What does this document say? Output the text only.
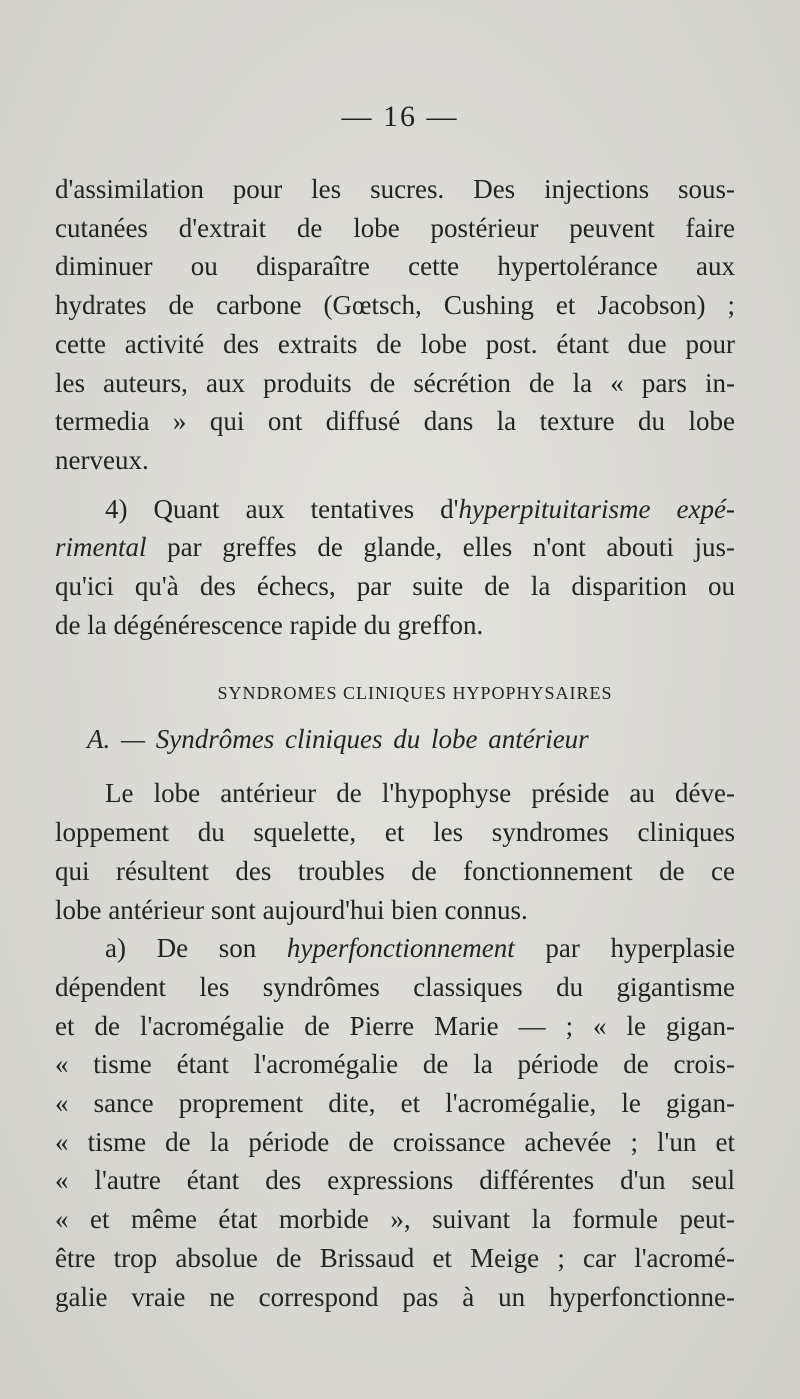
— 16 —
d'assimilation pour les sucres. Des injections sous-
cutanées d'extrait de lobe postérieur peuvent faire
diminuer ou disparaître cette hypertolérance aux
hydrates de carbone (Gœtsch, Cushing et Jacobson) ;
cette activité des extraits de lobe post. étant due pour
les auteurs, aux produits de sécrétion de la « pars in-
termedia » qui ont diffusé dans la texture du lobe
nerveux.
4) Quant aux tentatives d'hyperpituitarisme expé-
rimental par greffes de glande, elles n'ont abouti jus-
qu'ici qu'à des échecs, par suite de la disparition ou
de la dégénérescence rapide du greffon.
SYNDROMES CLINIQUES HYPOPHYSAIRES
A. — Syndrômes cliniques du lobe antérieur
Le lobe antérieur de l'hypophyse préside au déve-
loppement du squelette, et les syndromes cliniques
qui résultent des troubles de fonctionnement de ce
lobe antérieur sont aujourd'hui bien connus.
a) De son hyperfonctionnement par hyperplasie
dépendent les syndrômes classiques du gigantisme
et de l'acromégalie de Pierre Marie — ; « le gigan-
« tisme étant l'acromégalie de la période de crois-
« sance proprement dite, et l'acromégalie, le gigan-
« tisme de la période de croissance achevée ; l'un et
« l'autre étant des expressions différentes d'un seul
« et même état morbide », suivant la formule peut-
être trop absolue de Brissaud et Meige ; car l'acromé-
galie vraie ne correspond pas à un hyperfonctionne-
